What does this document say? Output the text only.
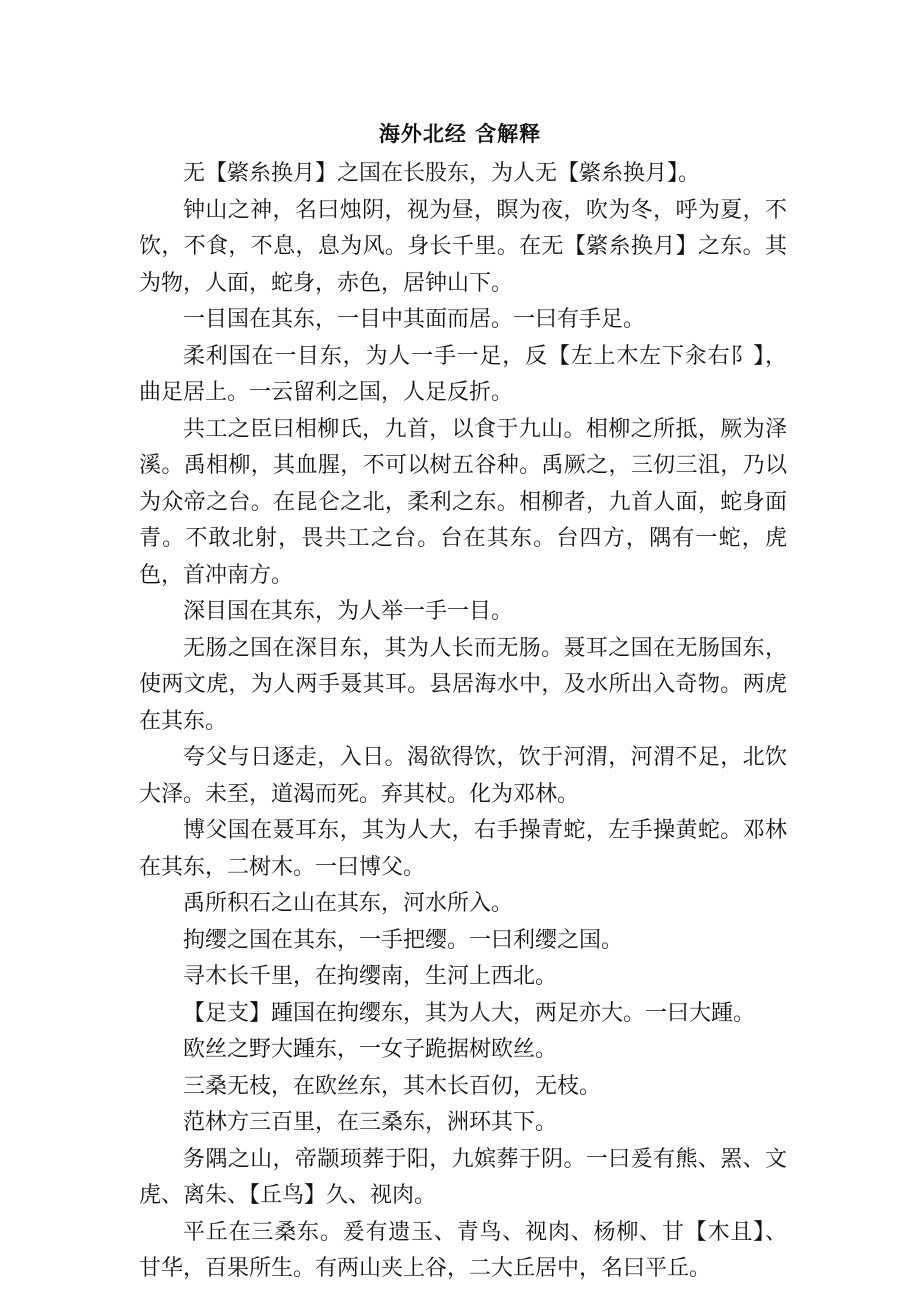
海外北经 含解释

无【綮糸换月】之国在长股东，为人无【綮糸换月】。

钟山之神，名曰烛阴，视为昼，瞑为夜，吹为冬，呼为夏，不饮，不食，不息，息为风。身长千里。在无【綮糸换月】之东。其为物，人面，蛇身，赤色，居钟山下。

一目国在其东，一目中其面而居。一曰有手足。

柔利国在一目东，为人一手一足，反【左上木左下汆右阝】，曲足居上。一云留利之国，人足反折。

共工之臣曰相柳氏，九首，以食于九山。相柳之所抵，厥为泽溪。禹相柳，其血腥，不可以树五谷种。禹厥之，三仞三沮，乃以为众帝之台。在昆仑之北，柔利之东。相柳者，九首人面，蛇身面青。不敢北射，畏共工之台。台在其东。台四方，隅有一蛇，虎色，首冲南方。

深目国在其东，为人举一手一目。

无肠之国在深目东，其为人长而无肠。聂耳之国在无肠国东，使两文虎，为人两手聂其耳。县居海水中，及水所出入奇物。两虎在其东。

夸父与日逐走，入日。渴欲得饮，饮于河渭，河渭不足，北饮大泽。未至，道渴而死。弃其杖。化为邓林。

博父国在聂耳东，其为人大，右手操青蛇，左手操黄蛇。邓林在其东，二树木。一曰博父。

禹所积石之山在其东，河水所入。

拘缨之国在其东，一手把缨。一曰利缨之国。

寻木长千里，在拘缨南，生河上西北。

【足支】踵国在拘缨东，其为人大，两足亦大。一曰大踵。

欧丝之野大踵东，一女子跪据树欧丝。

三桑无枝，在欧丝东，其木长百仞，无枝。

范林方三百里，在三桑东，洲环其下。

务隅之山，帝颛顼葬于阳，九嫔葬于阴。一曰爰有熊、罴、文虎、离朱、【丘鸟】久、视肉。

平丘在三桑东。爰有遗玉、青鸟、视肉、杨柳、甘【木且】、甘华，百果所生。有两山夹上谷，二大丘居中，名曰平丘。
